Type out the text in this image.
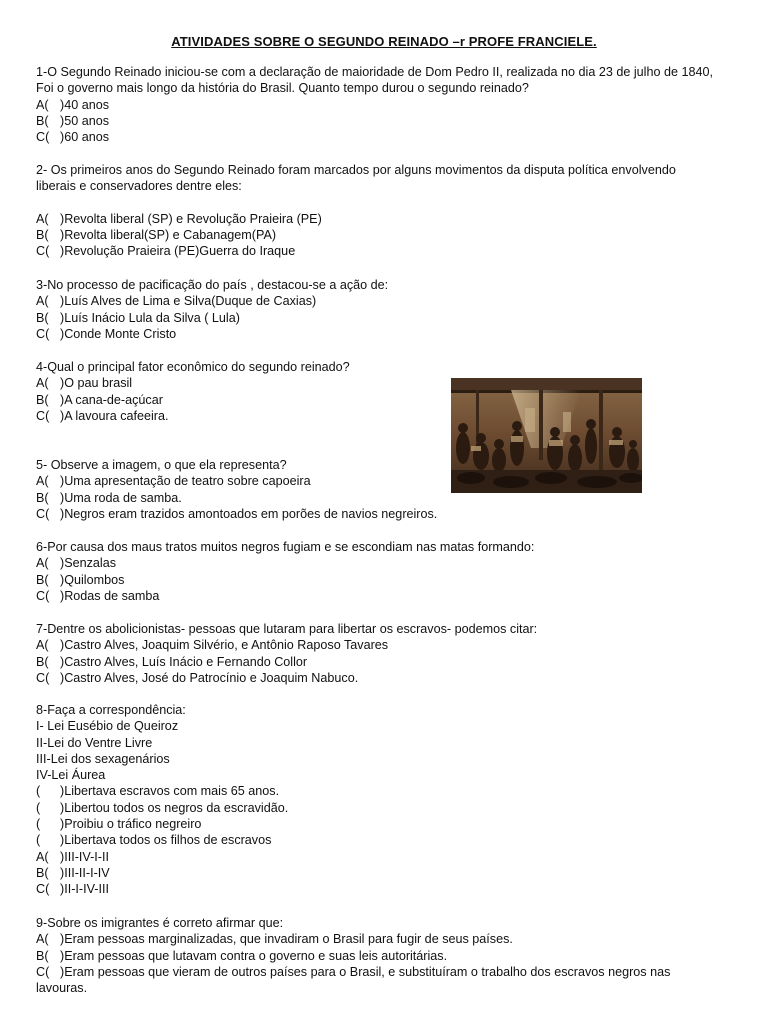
ATIVIDADES SOBRE O SEGUNDO REINADO –r PROFE FRANCIELE.
1-O Segundo Reinado iniciou-se com a declaração de maioridade de Dom Pedro II, realizada no dia 23 de julho de 1840,
Foi o governo mais longo da história do Brasil. Quanto tempo durou o segundo reinado?
A( )40 anos
B( )50 anos
C( )60 anos
2- Os primeiros anos do Segundo Reinado foram marcados por alguns movimentos da disputa política envolvendo
liberais e conservadores dentre eles:
A( )Revolta liberal (SP) e Revolução Praieira (PE)
B( )Revolta liberal(SP) e Cabanagem(PA)
C( )Revolução Praieira (PE)Guerra do Iraque
3-No processo de pacificação do país , destacou-se a ação de:
A( )Luís Alves de Lima e Silva(Duque de Caxias)
B( )Luís Inácio Lula da Silva ( Lula)
C( )Conde Monte Cristo
4-Qual o principal fator econômico do segundo reinado?
A( )O pau brasil
B( )A cana-de-açúcar
C( )A lavoura cafeeira.
5- Observe a imagem, o que ela representa?
A( )Uma apresentação de teatro sobre capoeira
B( )Uma roda de samba.
C( )Negros eram trazidos amontoados em porões de navios negreiros.
6-Por causa dos maus tratos muitos negros fugiam e se escondiam nas matas formando:
A( )Senzalas
B( )Quilombos
C( )Rodas de samba
7-Dentre os abolicionistas- pessoas que lutaram para libertar os escravos- podemos citar:
A( )Castro Alves, Joaquim Silvério, e Antônio Raposo Tavares
B( )Castro Alves, Luís Inácio e Fernando Collor
C( )Castro Alves, José do Patrocínio e Joaquim Nabuco.
8-Faça a correspondência:
I- Lei Eusébio de Queiroz
II-Lei do Ventre Livre
III-Lei dos sexagenários
IV-Lei Áurea
( )Libertava escravos com mais 65 anos.
( )Libertou todos os negros da escravidão.
( )Proibiu o tráfico negreiro
( )Libertava todos os filhos de escravos
A( )III-IV-I-II
B( )III-II-I-IV
C( )II-I-IV-III
9-Sobre os imigrantes é correto afirmar que:
A( )Eram pessoas marginalizadas, que invadiram o Brasil para fugir de seus países.
B( )Eram pessoas que lutavam contra o governo e suas leis autoritárias.
C( )Eram pessoas que vieram de outros países para o Brasil, e substituíram o trabalho dos escravos negros nas
lavouras.
